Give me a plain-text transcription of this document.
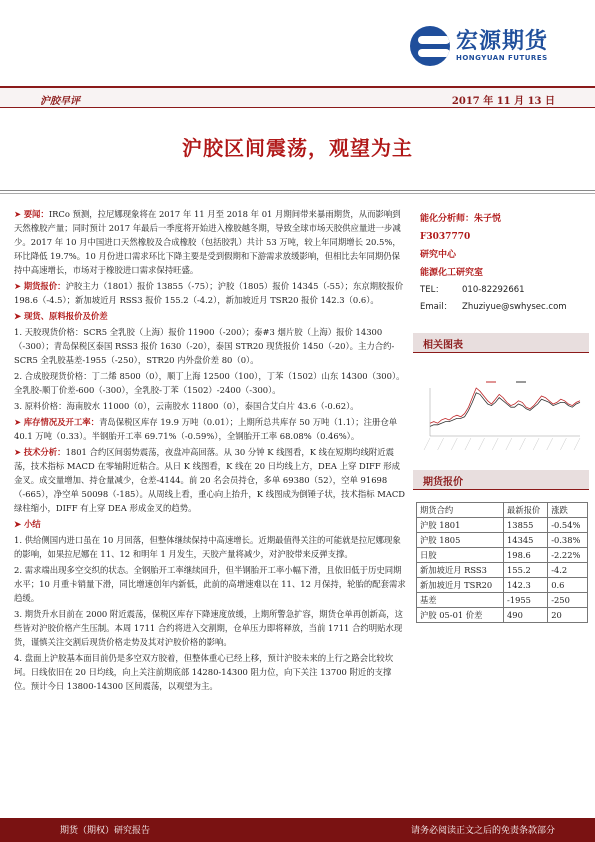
宏源期货
HONGYUAN FUTURES
沪胶早评	2017 年 11 月 13 日
沪胶区间震荡，观望为主
➤ 要闻：IRCo 预测，拉尼娜现象将在 2017 年 11 月至 2018 年 01 月期间带来暴雨期货，从而影响到天然橡胶产量；同时预计 2017 年最后一季度将开始进入橡胶越冬期，导致全球市场天胶供应量进一步减少。2017 年 10 月中国进口天然橡胶及合成橡胶（包括胶乳）共计 53 万吨，较上年同期增长 20.5%，环比降低 19.7%。10 月份进口需求环比下降主要是受到假期和下游需求放缓影响，但相比去年同期仍保持中高速增长，市场对于橡胶进口需求保持旺盛。
➤ 期货报价：沪胶主力（1801）报价 13855（-75）；沪胶（1805）报价 14345（-55）；东京期胶报价 198.6（-4.5）；新加坡近月 RSS3 报价 155.2（-4.2），新加坡近月 TSR20 报价 142.3（0.6）。
➤ 现货、原料报价及价差
1. 天胶现货价格：SCR5 全乳胶（上海）报价 11900（-200）；泰#3 烟片胶（上海）报价 14300（-300）；青岛保税区泰国 RSS3 报价 1630（-20），泰国 STR20 现货报价 1450（-20）。主力合约-SCR5 全乳胶基差-1955（-250），STR20 内外盘价差 80（0）。
2. 合成胶现货价格：丁二烯 8500（0），顺丁上海 12500（100），丁苯（1502）山东 14300（300）。全乳胶-顺丁价差-600（-300），全乳胶-丁苯（1502）-2400（-300）。
3. 原料价格：海南胶水 11000（0），云南胶水 11800（0），泰国合艾白片 43.6（-0.62）。
➤ 库存情况及开工率：青岛保税区库存 19.9 万吨（0.01）；上期所总共库存 50 万吨（1.1）；注册仓单 40.1 万吨（0.33）。半钢胎开工率 69.71%（-0.59%），全钢胎开工率 68.08%（0.46%）。
➤ 技术分析：1801 合约区间弱势震荡，夜盘冲高回落。从 30 分钟 K 线图看，K 线在短期均线附近震荡，技术指标 MACD 在零轴附近粘合。从日 K 线图看，K 线在 20 日均线上方，DEA 上穿 DIFF 形成金叉。成交量增加、持仓量减少，仓差-4144。前 20 名会员持仓，多单 69380（52），空单 91698（-665），净空单 50098（-185）。从周线上看，重心向上抬升，K 线图成为倒锤子状，技术指标 MACD 绿柱缩小，DIFF 有上穿 DEA 形成金叉的趋势。
➤ 小结
1. 供给侧国内进口虽在 10 月回落，但整体继续保持中高速增长。近期最值得关注的可能就是拉尼娜现象的影响，如果拉尼娜在 11、12 和明年 1 月发生，天胶产量将减少，对沪胶带来反弹支撑。
2. 需求端出现多空交织的状态。全钢胎开工率继续回升，但半钢胎开工率小幅下滑，且依旧低于历史同期水平；10 月重卡销量下滑，同比增速创年内新低，此前的高增速难以在 11、12 月保持，轮胎的配套需求趋缓。
3. 期货升水目前在 2000 附近震荡，保税区库存下降速度放缓，上期所警急扩容，期货仓单再创新高，这些皆对沪胶价格产生压制。本周 1711 合约将进入交割期，仓单压力即将释放，当前 1711 合约明贴水现货，谨慎关注交割后现货价格走势及其对沪胶价格的影响。
4. 盘面上沪胶基本面目前仍是多空双方胶着，但整体重心已经上移，预计沪胶未来的上行之路会比较坎坷。日线依旧在 20 日均线，向上关注前期底部 14280-14300 阻力位，向下关注 13700 附近的支撑位。预计今日 13800-14300 区间震荡，以观望为主。
能化分析师：朱子悦
F3037770
研究中心
能源化工研究室
TEL：	010-82292661
Email：	Zhuziyue@swhysec.com
相关图表
期货报价
期货合约	最新报价	涨跌
沪胶 1801	13855	-0.54%
沪胶 1805	14345	-0.38%
日胶	198.6	-2.22%
新加坡近月 RSS3	155.2	-4.2
新加坡近月 TSR20	142.3	0.6
基差	-1955	-250
沪胶 05-01 价差	490	20
期货（期权）研究报告	请务必阅读正文之后的免责条款部分
